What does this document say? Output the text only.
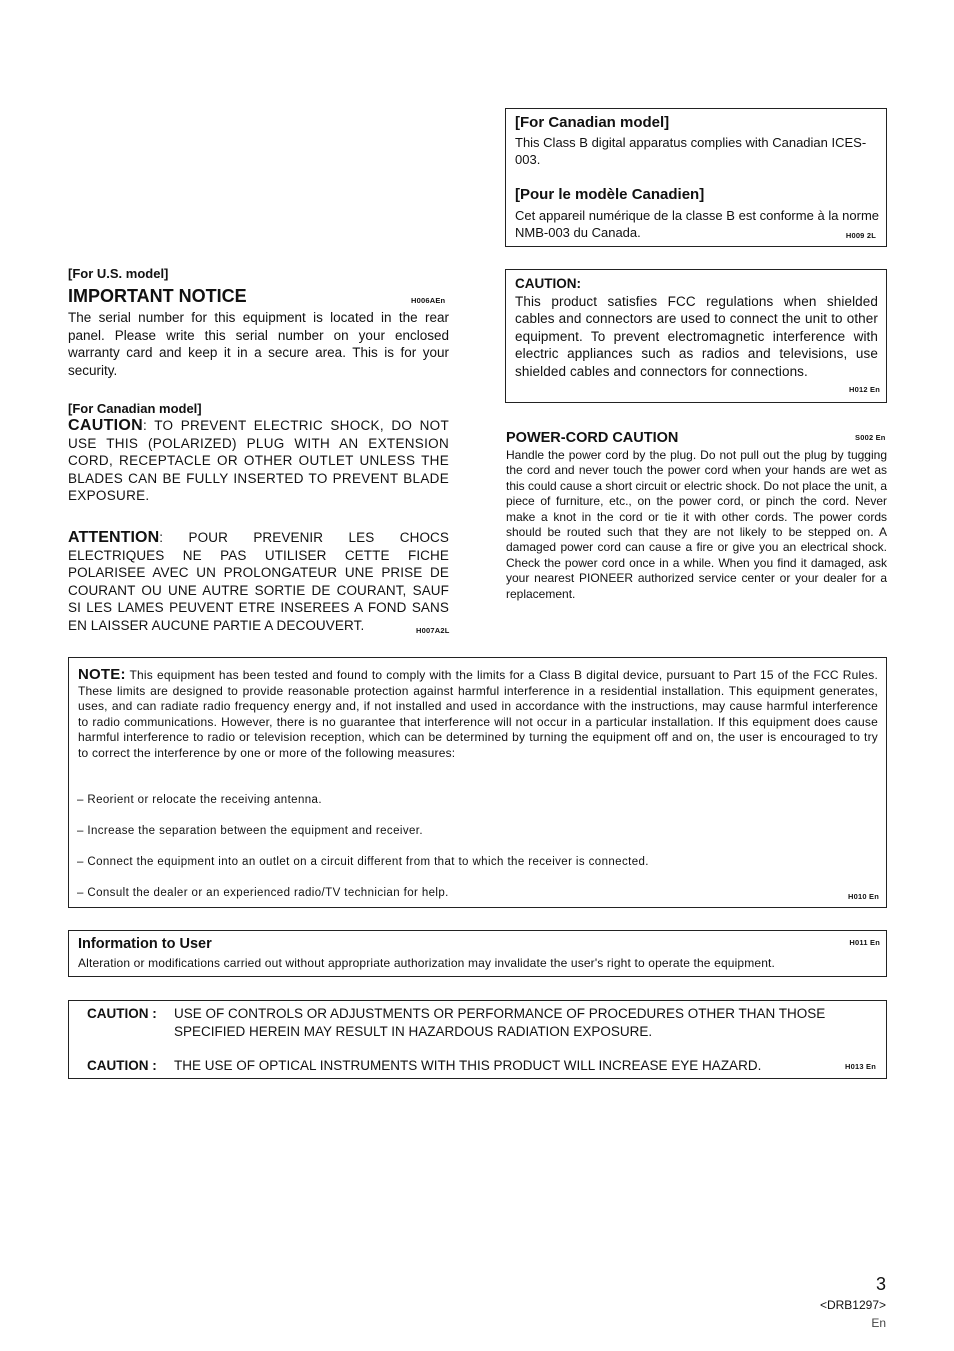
[For Canadian model]

This Class B digital apparatus complies with Canadian ICES-003.

[Pour le modèle Canadien]

Cet appareil numérique de la classe B est conforme à la norme NMB-003 du Canada.	H009 2L
[For U.S. model]
IMPORTANT NOTICE	H006AEn

The serial number for this equipment is located in the rear panel. Please write this serial number on your enclosed warranty card and keep it in a secure area. This is for your security.

[For Canadian model]

CAUTION: TO PREVENT ELECTRIC SHOCK, DO NOT USE THIS (POLARIZED) PLUG WITH AN EXTENSION CORD, RECEPTACLE OR OTHER OUTLET UNLESS THE BLADES CAN BE FULLY INSERTED TO PREVENT BLADE EXPOSURE.

ATTENTION: POUR PREVENIR LES CHOCS ELECTRIQUES NE PAS UTILISER CETTE FICHE POLARISEE AVEC UN PROLONGATEUR UNE PRISE DE COURANT OU UNE AUTRE SORTIE DE COURANT, SAUF SI LES LAMES PEUVENT ETRE INSEREES A FOND SANS EN LAISSER AUCUNE PARTIE A DECOUVERT.	H007A2L
CAUTION:

This product satisfies FCC regulations when shielded cables and connectors are used to connect the unit to other equipment. To prevent electromagnetic interference with electric appliances such as radios and televisions, use shielded cables and connectors for connections.

H012 En
POWER-CORD CAUTION	S002 En

Handle the power cord by the plug. Do not pull out the plug by tugging the cord and never touch the power cord when your hands are wet as this could cause a short circuit or electric shock. Do not place the unit, a piece of furniture, etc., on the power cord, or pinch the cord. Never make a knot in the cord or tie it with other cords. The power cords should be routed such that they are not likely to be stepped on. A damaged power cord can cause a fire or give you an electrical shock. Check the power cord once in a while. When you find it damaged, ask your nearest PIONEER authorized service center or your dealer for a replacement.

NOTE: This equipment has been tested and found to comply with the limits for a Class B digital device, pursuant to Part 15 of the FCC Rules. These limits are designed to provide reasonable protection against harmful interference in a residential installation. This equipment generates, uses, and can radiate radio frequency energy and, if not installed and used in accordance with the instructions, may cause harmful interference to radio communications. However, there is no guarantee that interference will not occur in a particular installation. If this equipment does cause harmful interference to radio or television reception, which can be determined by turning the equipment off and on, the user is encouraged to try to correct the interference by one or more of the following measures:

– Reorient or relocate the receiving antenna.
– Increase the separation between the equipment and receiver.
– Connect the equipment into an outlet on a circuit different from that to which the receiver is connected.
– Consult the dealer or an experienced radio/TV technician for help.	H010 En
Information to User	H011 En

Alteration or modifications carried out without appropriate authorization may invalidate the user's right to operate the equipment.

CAUTION : USE OF CONTROLS OR ADJUSTMENTS OR PERFORMANCE OF PROCEDURES OTHER THAN THOSE SPECIFIED HEREIN MAY RESULT IN HAZARDOUS RADIATION EXPOSURE.

CAUTION : THE USE OF OPTICAL INSTRUMENTS WITH THIS PRODUCT WILL INCREASE EYE HAZARD.	H013 En
3
<DRB1297>
En
